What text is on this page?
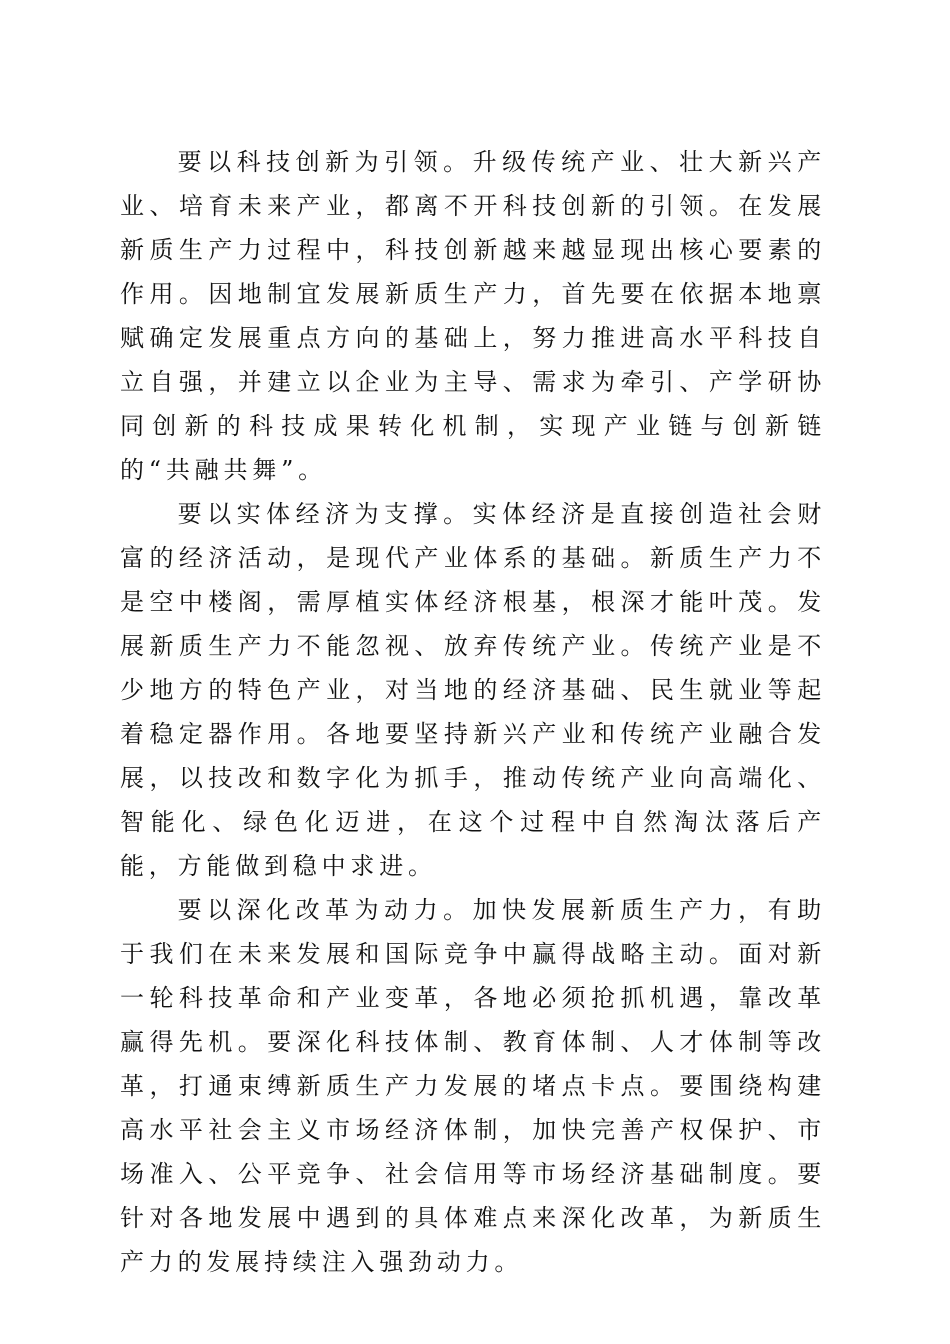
要以科技创新为引领。升级传统产业、壮大新兴产业、培育未来产业，都离不开科技创新的引领。在发展新质生产力过程中，科技创新越来越显现出核心要素的作用。因地制宜发展新质生产力，首先要在依据本地禀赋确定发展重点方向的基础上，努力推进高水平科技自立自强，并建立以企业为主导、需求为牵引、产学研协同创新的科技成果转化机制，实现产业链与创新链的“共融共舞”。

要以实体经济为支撑。实体经济是直接创造社会财富的经济活动，是现代产业体系的基础。新质生产力不是空中楼阁，需厚植实体经济根基，根深才能叶茂。发展新质生产力不能忽视、放弃传统产业。传统产业是不少地方的特色产业，对当地的经济基础、民生就业等起着稳定器作用。各地要坚持新兴产业和传统产业融合发展，以技改和数字化为抓手，推动传统产业向高端化、智能化、绿色化迈进，在这个过程中自然淘汰落后产能，方能做到稳中求进。

要以深化改革为动力。加快发展新质生产力，有助于我们在未来发展和国际竞争中赢得战略主动。面对新一轮科技革命和产业变革，各地必须抢抓机遇，靠改革赢得先机。要深化科技体制、教育体制、人才体制等改革，打通束缚新质生产力发展的堵点卡点。要围绕构建高水平社会主义市场经济体制，加快完善产权保护、市场准入、公平竞争、社会信用等市场经济基础制度。要针对各地发展中遇到的具体难点来深化改革，为新质生产力的发展持续注入强劲动力。
